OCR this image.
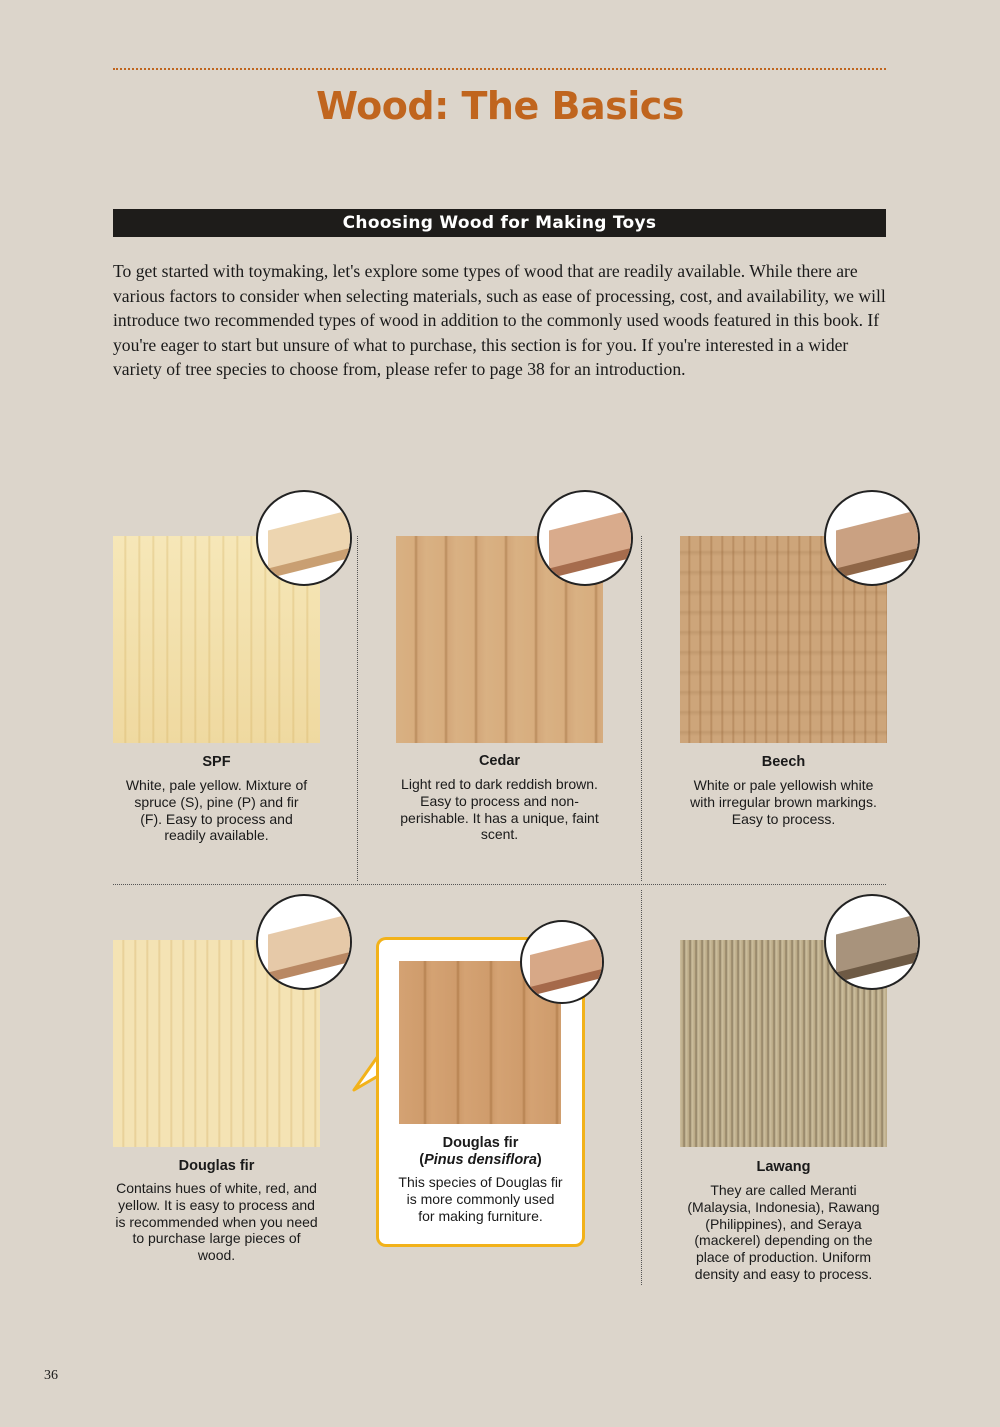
Wood: The Basics
Choosing Wood for Making Toys

To get started with toymaking, let's explore some types of wood that are readily available. While there are various factors to consider when selecting materials, such as ease of processing, cost, and availability, we will introduce two recommended types of wood in addition to the commonly used woods featured in this book. If you're eager to start but unsure of what to purchase, this section is for you. If you're interested in a wider variety of tree species to choose from, please refer to page 38 for an introduction.

SPF
White, pale yellow. Mixture of spruce (S), pine (P) and fir (F). Easy to process and readily available.
Cedar
Light red to dark reddish brown. Easy to process and non-perishable. It has a unique, faint scent.
Beech
White or pale yellowish white with irregular brown markings. Easy to process.
Douglas fir
Contains hues of white, red, and yellow. It is easy to process and is recommended when you need to purchase large pieces of wood.
Douglas fir
(Pinus densiflora)
This species of Douglas fir is more commonly used for making furniture.
Lawang
They are called Meranti (Malaysia, Indonesia), Rawang (Philippines), and Seraya (mackerel) depending on the place of production. Uniform density and easy to process.
36
